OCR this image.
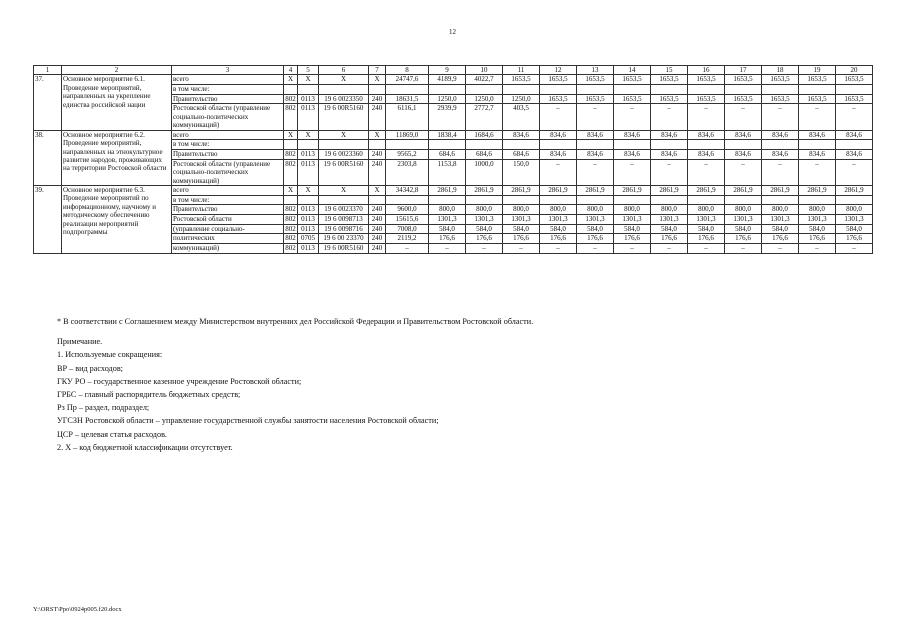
12
1	2	3	4	5	6	7	8	9	10	11	12	13	14	15	16	17	18	19	20
37.	Основное мероприятие 6.1. Проведение мероприятий, направленных на укрепление единства российской нации	всего	Х	Х	Х	Х	24747,6	4189,9	4022,7	1653,5	1653,5	1653,5	1653,5	1653,5	1653,5	1653,5	1653,5	1653,5	1653,5
		в том числе:																	
		Правительство	802	0113	19 6 0023350	240	18631,5	1250,0	1250,0	1250,0	1653,5	1653,5	1653,5	1653,5	1653,5	1653,5	1653,5	1653,5	1653,5
		Ростовской области (управление социально-политических коммуникаций)	802	0113	19 6 00R5160	240	6116,1	2939,9	2772,7	403,5	–	–	–	–	–	–	–	–	–
38.	Основное мероприятие 6.2. Проведение мероприятий, направленных на этнокультурное развитие народов, проживающих на территории Ростовской области	всего	Х	Х	Х	Х	11869,0	1838,4	1684,6	834,6	834,6	834,6	834,6	834,6	834,6	834,6	834,6	834,6	834,6
		в том числе:																	
		Правительство	802	0113	19 6 0023360	240	9565,2	684,6	684,6	684,6	834,6	834,6	834,6	834,6	834,6	834,6	834,6	834,6	834,6
		Ростовской области (управление социально-политических коммуникаций)	802	0113	19 6 00R5160	240	2303,8	1153,8	1000,0	150,0	–	–	–	–	–	–	–	–	–
39.	Основное мероприятие 6.3. Проведение мероприятий по информационному, научному и методическому обеспечению реализации мероприятий подпрограммы	всего	Х	Х	Х	Х	34342,8	2861,9	2861,9	2861,9	2861,9	2861,9	2861,9	2861,9	2861,9	2861,9	2861,9	2861,9	2861,9
		в том числе:																	
		Правительство	802	0113	19 6 0023370	240	9600,0	800,0	800,0	800,0	800,0	800,0	800,0	800,0	800,0	800,0	800,0	800,0	800,0
		Ростовской области	802	0113	19 6 0098713	240	15615,6	1301,3	1301,3	1301,3	1301,3	1301,3	1301,3	1301,3	1301,3	1301,3	1301,3	1301,3	1301,3
		(управление социально-	802	0113	19 6 0098716	240	7008,0	584,0	584,0	584,0	584,0	584,0	584,0	584,0	584,0	584,0	584,0	584,0	584,0
		политических	802	0705	19 6 00 23370	240	2119,2	176,6	176,6	176,6	176,6	176,6	176,6	176,6	176,6	176,6	176,6	176,6	176,6
		коммуникаций)	802	0113	19 6 00R5160	240	–	–	–	–	–	–	–	–	–	–	–	–	–

* В соответствии с Соглашением между Министерством внутренних дел Российской Федерации и Правительством Ростовской области.

Примечание.

1. Используемые сокращения:

ВР – вид расходов;

ГКУ РО – государственное казенное учреждение Ростовской области;

ГРБС – главный распорядитель бюджетных средств;

Рз Пр – раздел, подраздел;

УГСЗН Ростовской области – управление государственной службы занятости населения Ростовской области;

ЦСР – целевая статья расходов.

2. Х – код бюджетной классификации отсутствует.

Y:\ORST\Ppo\0924p005.f20.docx
